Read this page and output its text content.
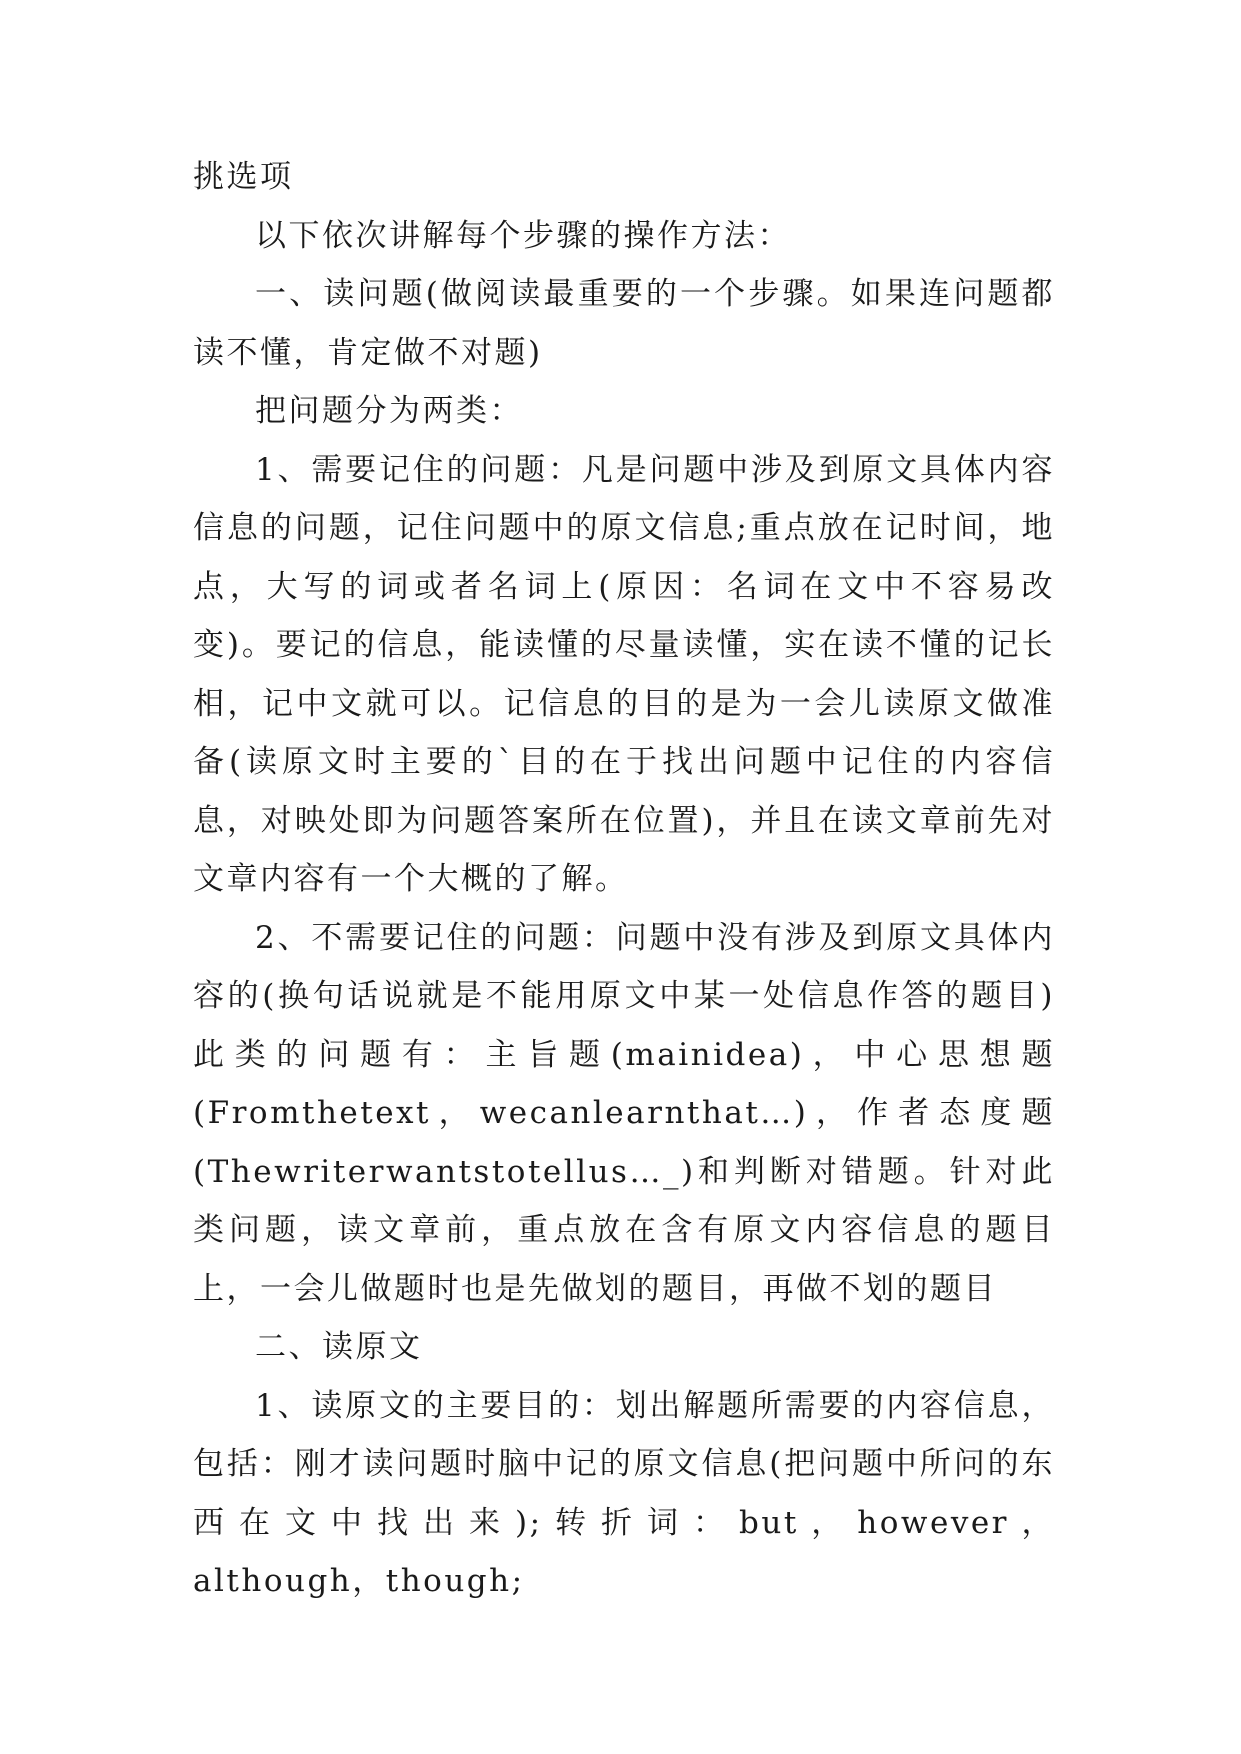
挑选项

以下依次讲解每个步骤的操作方法：

一、读问题(做阅读最重要的一个步骤。如果连问题都读不懂，肯定做不对题)

把问题分为两类：

1、需要记住的问题：凡是问题中涉及到原文具体内容信息的问题，记住问题中的原文信息;重点放在记时间，地点，大写的词或者名词上(原因：名词在文中不容易改变)。要记的信息，能读懂的尽量读懂，实在读不懂的记长相，记中文就可以。记信息的目的是为一会儿读原文做准备(读原文时主要的`目的在于找出问题中记住的内容信息，对映处即为问题答案所在位置)，并且在读文章前先对文章内容有一个大概的了解。

2、不需要记住的问题：问题中没有涉及到原文具体内容的(换句话说就是不能用原文中某一处信息作答的题目)此类的问题有：主旨题(mainidea)，中心思想题(Fromthetext，wecanlearnthat…)，作者态度题(Thewriterwantstotellus…_)和判断对错题。针对此类问题，读文章前，重点放在含有原文内容信息的题目上，一会儿做题时也是先做划的题目，再做不划的题目

二、读原文

1、读原文的主要目的：划出解题所需要的内容信息，包括：刚才读问题时脑中记的原文信息(把问题中所问的东西在文中找出来);转折词：but，however，although，though;
